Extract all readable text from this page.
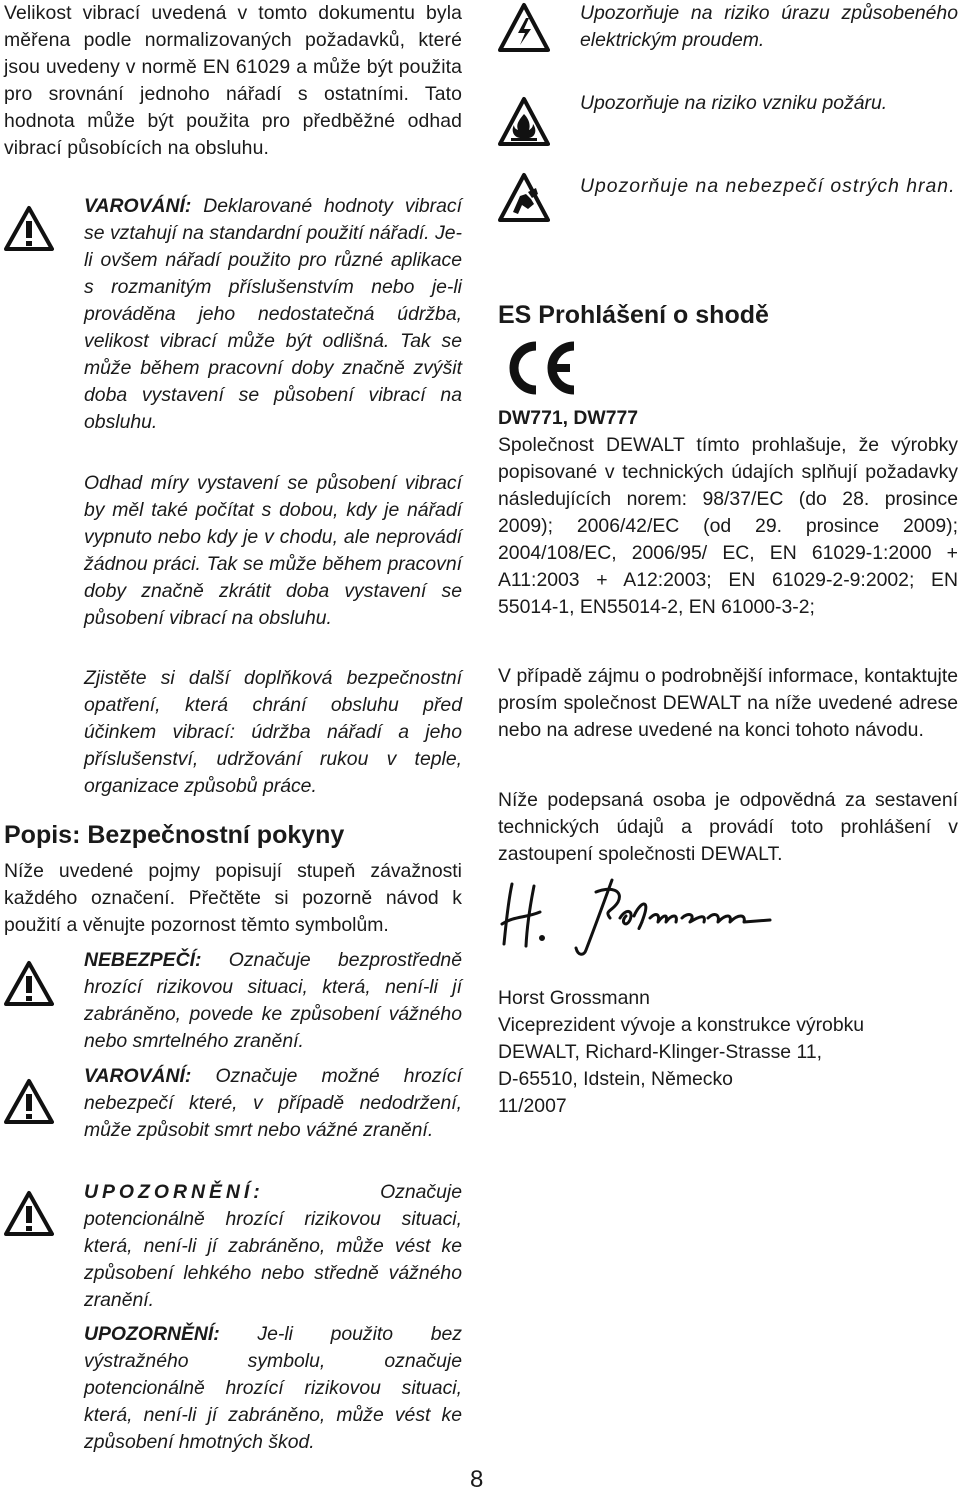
Velikost vibrací uvedená v tomto dokumentu byla měřena podle normalizovaných požadavků, které jsou uvedeny v normě EN 61029 a může být použita pro srovnání jednoho nářadí s ostatními. Tato hodnota může být použita pro předběžné odhad vibrací působících na obsluhu.

VAROVÁNÍ: Deklarované hodnoty vibrací se vztahují na standardní použití nářadí. Je-li ovšem nářadí použito pro různé aplikace s rozmanitým příslušenstvím nebo je-li prováděna jeho nedostatečná údržba, velikost vibrací může být odlišná. Tak se může během pracovní doby značně zvýšit doba vystavení se působení vibrací na obsluhu.

Odhad míry vystavení se působení vibrací by měl také počítat s dobou, kdy je nářadí vypnuto nebo kdy je v chodu, ale neprovádí žádnou práci. Tak se může během pracovní doby značně zkrátit doba vystavení se působení vibrací na obsluhu.

Zjistěte si další doplňková bezpečnostní opatření, která chrání obsluhu před účinkem vibrací: údržba nářadí a jeho příslušenství, udržování rukou v teple, organizace způsobů práce.

Popis: Bezpečnostní pokyny

Níže uvedené pojmy popisují stupeň závažnosti každého označení. Přečtěte si pozorně návod k použití a věnujte pozornost těmto symbolům.

NEBEZPEČÍ: Označuje bezprostředně hrozící rizikovou situaci, která, není-li jí zabráněno, povede ke způsobení vážného nebo smrtelného zranění.

VAROVÁNÍ: Označuje možné hrozící nebezpečí které, v případě nedodržení, může způsobit smrt nebo vážné zranění.

UPOZORNĚNÍ: Označuje potencionálně hrozící rizikovou situaci, která, není-li jí zabráněno, může vést ke způsobení lehkého nebo středně vážného zranění.

UPOZORNĚNÍ: Je-li použito bez výstražného symbolu, označuje potencionálně hrozící rizikovou situaci, která, není-li jí zabráněno, může vést ke způsobení hmotných škod.

Upozorňuje na riziko úrazu způsobeného elektrickým proudem.

Upozorňuje na riziko vzniku požáru.

Upozorňuje na nebezpečí ostrých hran.

ES Prohlášení o shodě

DW771, DW777

Společnost DEWALT tímto prohlašuje, že výrobky popisované v technických údajích splňují požadavky následujících norem: 98/37/EC (do 28. prosince 2009); 2006/42/EC (od 29. prosince 2009); 2004/108/EC, 2006/95/ EC, EN 61029-1:2000 + A11:2003 + A12:2003; EN 61029-2-9:2002; EN 55014-1, EN55014-2, EN 61000-3-2;

V případě zájmu o podrobnější informace, kontaktujte prosím společnost DEWALT na níže uvedené adrese nebo na adrese uvedené na konci tohoto návodu.

Níže podepsaná osoba je odpovědná za sestavení technických údajů a provádí toto prohlášení v zastoupení společnosti DEWALT.

Horst Grossmann

Viceprezident vývoje a konstrukce výrobku

DEWALT, Richard-Klinger-Strasse 11,

D-65510, Idstein, Německo

11/2007

8
